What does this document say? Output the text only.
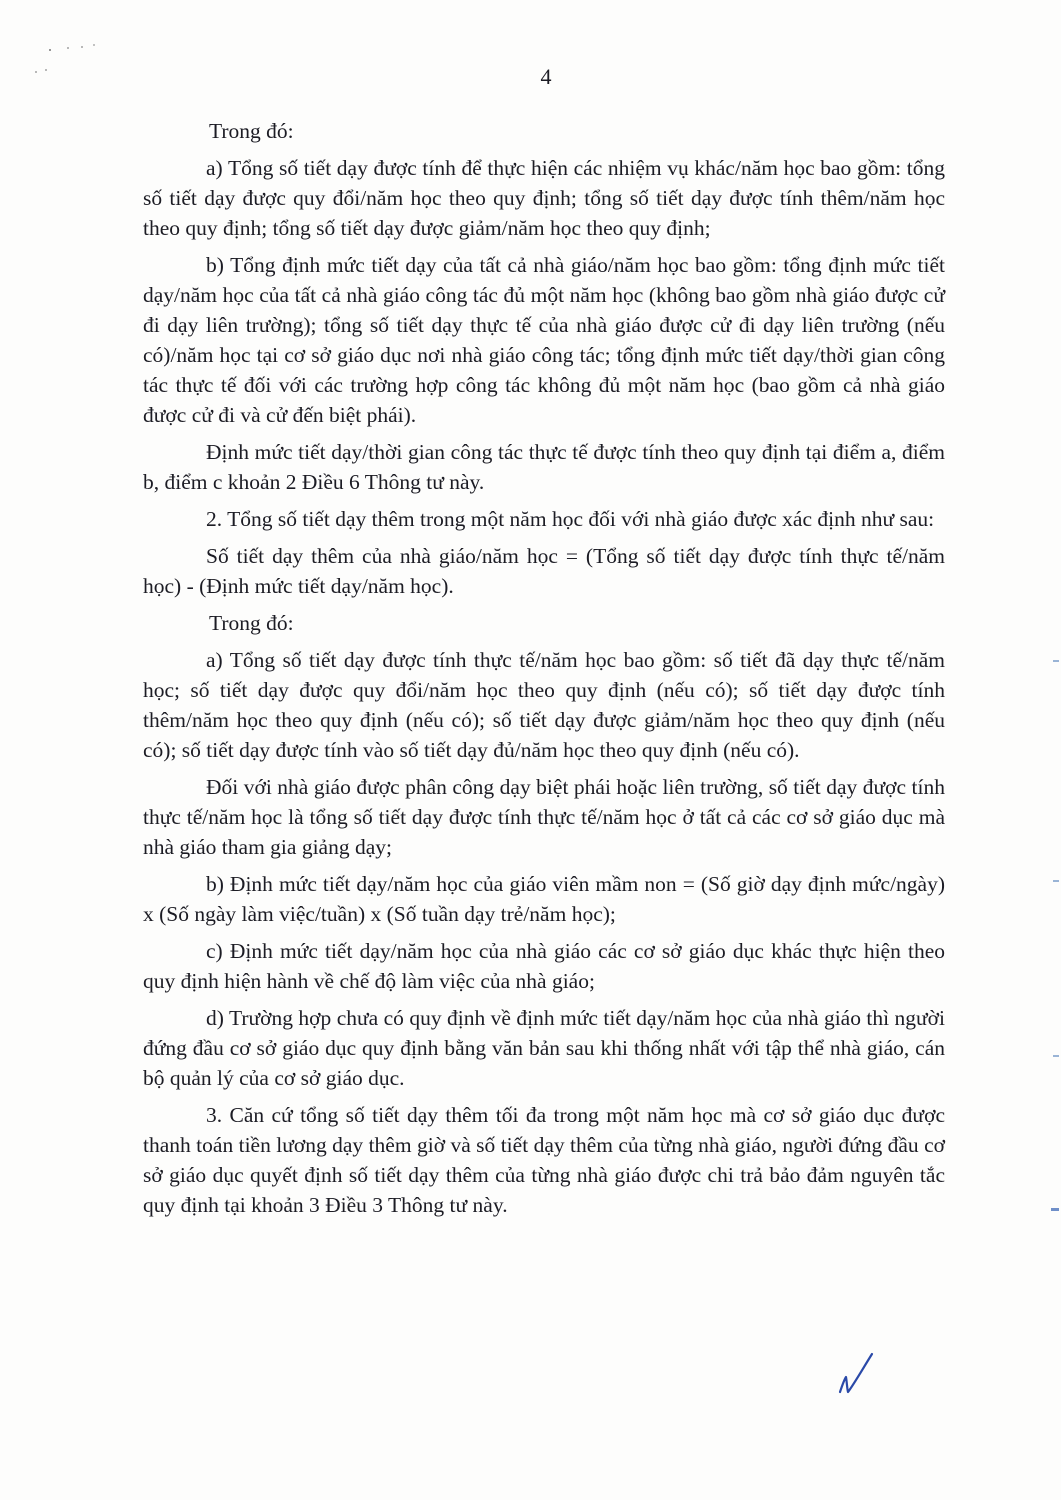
4

Trong đó:

a) Tổng số tiết dạy được tính để thực hiện các nhiệm vụ khác/năm học bao gồm: tổng số tiết dạy được quy đổi/năm học theo quy định; tổng số tiết dạy được tính thêm/năm học theo quy định; tổng số tiết dạy được giảm/năm học theo quy định;

b) Tổng định mức tiết dạy của tất cả nhà giáo/năm học bao gồm: tổng định mức tiết dạy/năm học của tất cả nhà giáo công tác đủ một năm học (không bao gồm nhà giáo được cử đi dạy liên trường); tổng số tiết dạy thực tế của nhà giáo được cử đi dạy liên trường (nếu có)/năm học tại cơ sở giáo dục nơi nhà giáo công tác; tổng định mức tiết dạy/thời gian công tác thực tế đối với các trường hợp công tác không đủ một năm học (bao gồm cả nhà giáo được cử đi và cử đến biệt phái).

Định mức tiết dạy/thời gian công tác thực tế được tính theo quy định tại điểm a, điểm b, điểm c khoản 2 Điều 6 Thông tư này.

2. Tổng số tiết dạy thêm trong một năm học đối với nhà giáo được xác định như sau:

Số tiết dạy thêm của nhà giáo/năm học = (Tổng số tiết dạy được tính thực tế/năm học) - (Định mức tiết dạy/năm học).

Trong đó:

a) Tổng số tiết dạy được tính thực tế/năm học bao gồm: số tiết đã dạy thực tế/năm học; số tiết dạy được quy đổi/năm học theo quy định (nếu có); số tiết dạy được tính thêm/năm học theo quy định (nếu có); số tiết dạy được giảm/năm học theo quy định (nếu có); số tiết dạy được tính vào số tiết dạy đủ/năm học theo quy định (nếu có).

Đối với nhà giáo được phân công dạy biệt phái hoặc liên trường, số tiết dạy được tính thực tế/năm học là tổng số tiết dạy được tính thực tế/năm học ở tất cả các cơ sở giáo dục mà nhà giáo tham gia giảng dạy;

b) Định mức tiết dạy/năm học của giáo viên mầm non = (Số giờ dạy định mức/ngày) x (Số ngày làm việc/tuần) x (Số tuần dạy trẻ/năm học);

c) Định mức tiết dạy/năm học của nhà giáo các cơ sở giáo dục khác thực hiện theo quy định hiện hành về chế độ làm việc của nhà giáo;

d) Trường hợp chưa có quy định về định mức tiết dạy/năm học của nhà giáo thì người đứng đầu cơ sở giáo dục quy định bằng văn bản sau khi thống nhất với tập thể nhà giáo, cán bộ quản lý của cơ sở giáo dục.

3. Căn cứ tổng số tiết dạy thêm tối đa trong một năm học mà cơ sở giáo dục được thanh toán tiền lương dạy thêm giờ và số tiết dạy thêm của từng nhà giáo, người đứng đầu cơ sở giáo dục quyết định số tiết dạy thêm của từng nhà giáo được chi trả bảo đảm nguyên tắc quy định tại khoản 3 Điều 3 Thông tư này.
